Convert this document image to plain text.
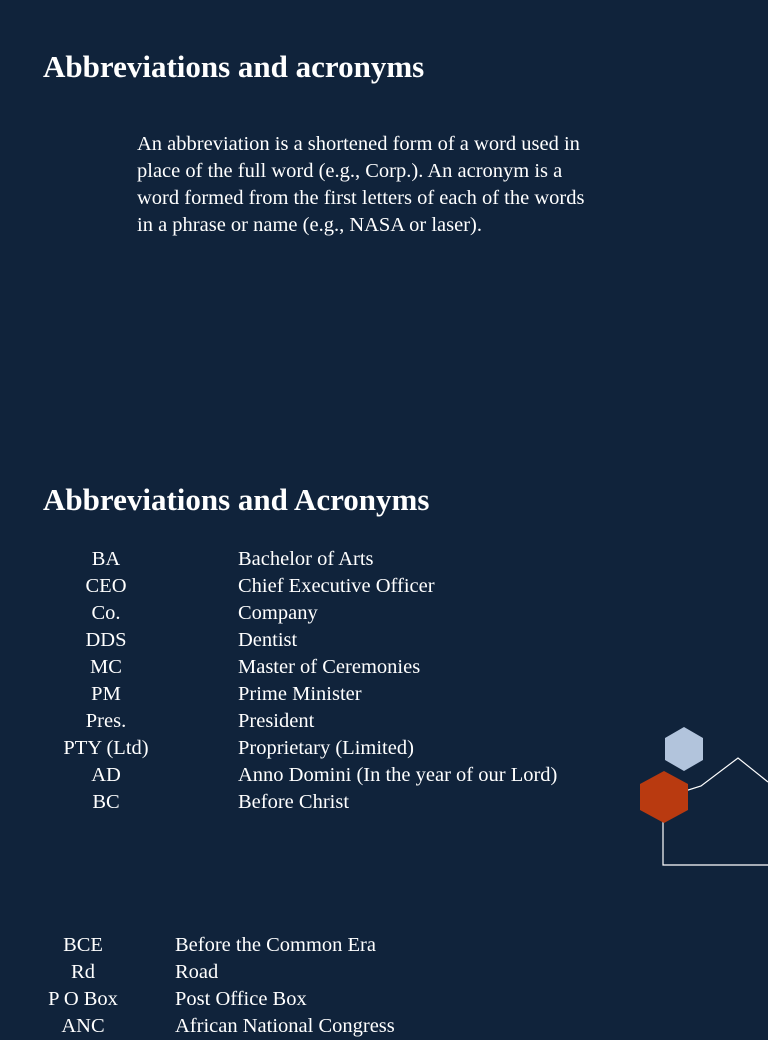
Abbreviations and acronyms

An abbreviation is a shortened form of a word used in
place of the full word (e.g., Corp.). An acronym is a
word formed from the first letters of each of the words
in a phrase or name (e.g., NASA or laser).

Abbreviations and Acronyms
BA	Bachelor of Arts
CEO	Chief Executive Officer
Co.	Company
DDS	Dentist
MC	Master of Ceremonies
PM	Prime Minister
Pres.	President
PTY (Ltd)	Proprietary (Limited)
AD	Anno Domini (In the year of our Lord)
BC	Before Christ
BCE	Before the Common Era
Rd	Road
P O Box	Post Office Box
ANC	African National Congress
